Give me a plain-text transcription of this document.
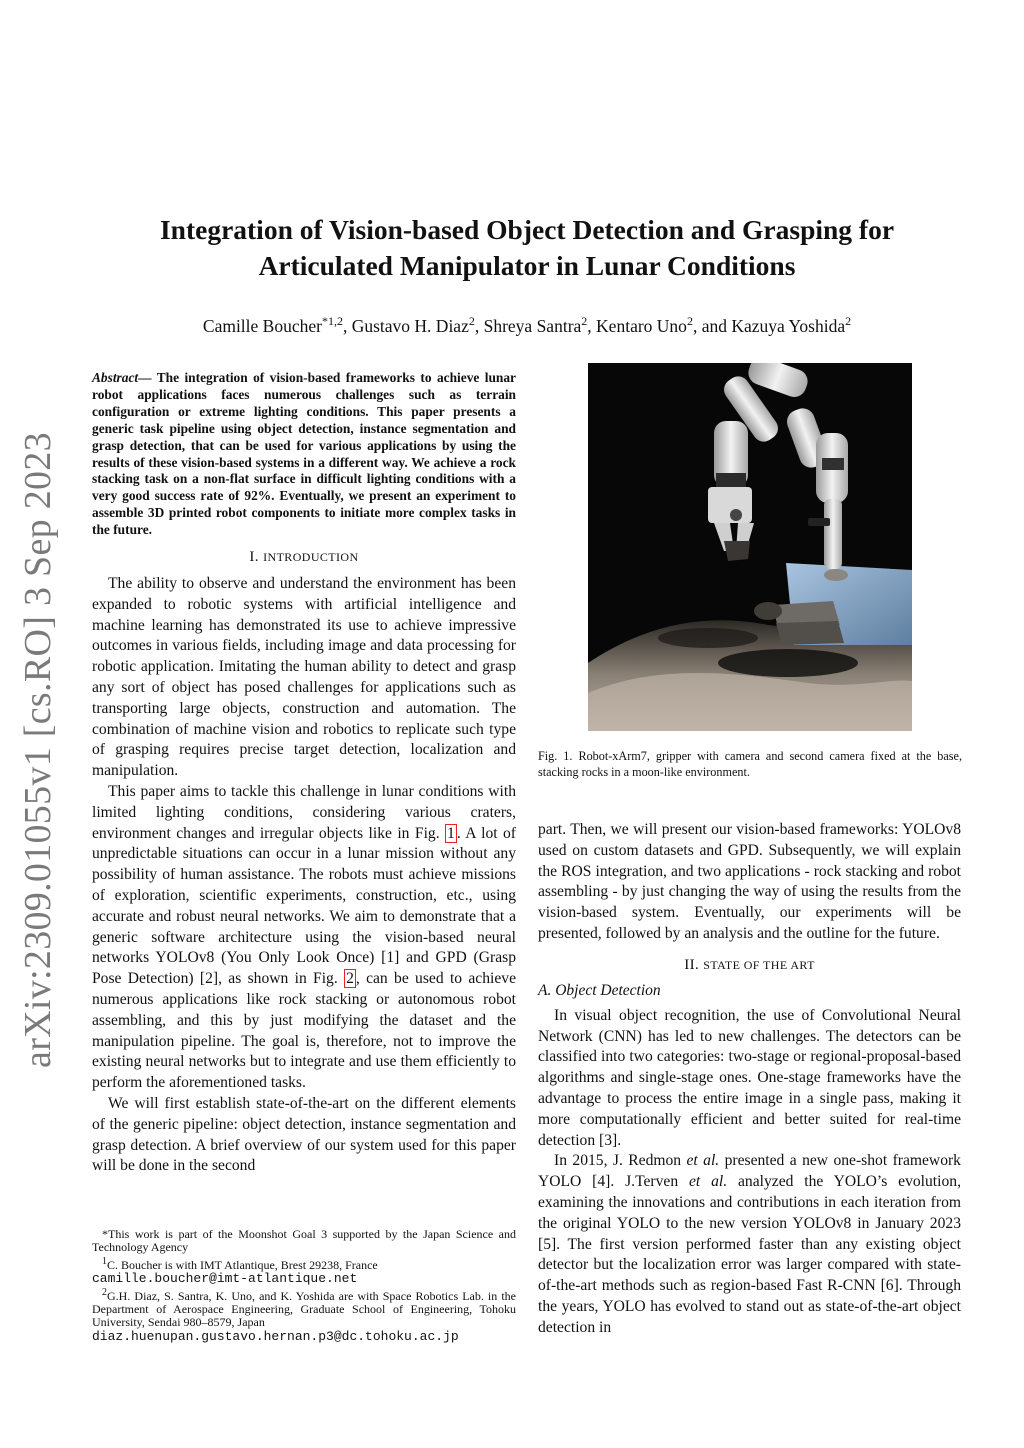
arXiv:2309.01055v1 [cs.RO] 3 Sep 2023
Integration of Vision-based Object Detection and Grasping for Articulated Manipulator in Lunar Conditions

Camille Boucher$^{*1,2}$, Gustavo H. Diaz$^2$, Shreya Santra$^2$, Kentaro Uno$^2$, and Kazuya Yoshida$^2$

Abstract— The integration of vision-based frameworks to achieve lunar robot applications faces numerous challenges such as terrain configuration or extreme lighting conditions. This paper presents a generic task pipeline using object detection, instance segmentation and grasp detection, that can be used for various applications by using the results of these vision-based systems in a different way. We achieve a rock stacking task on a non-flat surface in difficult lighting conditions with a very good success rate of 92%. Eventually, we present an experiment to assemble 3D printed robot components to initiate more complex tasks in the future.

I. INTRODUCTION

The ability to observe and understand the environment has been expanded to robotic systems with artificial intelligence and machine learning has demonstrated its use to achieve impressive outcomes in various fields, including image and data processing for robotic application. Imitating the human ability to detect and grasp any sort of object has posed challenges for applications such as transporting large objects, construction and automation. The combination of machine vision and robotics to replicate such type of grasping requires precise target detection, localization and manipulation.

This paper aims to tackle this challenge in lunar conditions with limited lighting conditions, considering various craters, environment changes and irregular objects like in Fig. 1 . A lot of unpredictable situations can occur in a lunar mission without any possibility of human assistance. The robots must achieve missions of exploration, scientific experiments, construction, etc., using accurate and robust neural networks. We aim to demonstrate that a generic software architecture using the vision-based neural networks YOLOv8 (You Only Look Once) [1] and GPD (Grasp Pose Detection) [2], as shown in Fig. 2 , can be used to achieve numerous applications like rock stacking or autonomous robot assembling, and this by just modifying the dataset and the manipulation pipeline. The goal is, therefore, not to improve the existing neural networks but to integrate and use them efficiently to perform the aforementioned tasks.

We will first establish state-of-the-art on the different elements of the generic pipeline: object detection, instance segmentation and grasp detection. A brief overview of our system used for this paper will be done in the second

*This work is part of the Moonshot Goal 3 supported by the Japan Science and Technology Agency

$^1$C. Boucher is with IMT Atlantique, Brest 29238, France
camille.boucher@imt-atlantique.net

$^2$G.H. Diaz, S. Santra, K. Uno, and K. Yoshida are with Space Robotics Lab. in the Department of Aerospace Engineering, Graduate School of Engineering, Tohoku University, Sendai 980–8579, Japan
diaz.huenupan.gustavo.hernan.p3@dc.tohoku.ac.jp

Fig. 1. Robot-xArm7, gripper with camera and second camera fixed at the base, stacking rocks in a moon-like environment.

part. Then, we will present our vision-based frameworks: YOLOv8 used on custom datasets and GPD. Subsequently, we will explain the ROS integration, and two applications - rock stacking and robot assembling - by just changing the way of using the results from the vision-based system. Eventually, our experiments will be presented, followed by an analysis and the outline for the future.

II. STATE OF THE ART
A. Object Detection

In visual object recognition, the use of Convolutional Neural Network (CNN) has led to new challenges. The detectors can be classified into two categories: two-stage or regional-proposal-based algorithms and single-stage ones. One-stage frameworks have the advantage to process the entire image in a single pass, making it more computationally efficient and better suited for real-time detection [3].

In 2015, J. Redmon et al. presented a new one-shot framework YOLO [4]. J.Terven et al. analyzed the YOLO’s evolution, examining the innovations and contributions in each iteration from the original YOLO to the new version YOLOv8 in January 2023 [5]. The first version performed faster than any existing object detector but the localization error was larger compared with state-of-the-art methods such as region-based Fast R-CNN [6]. Through the years, YOLO has evolved to stand out as state-of-the-art object detection in
